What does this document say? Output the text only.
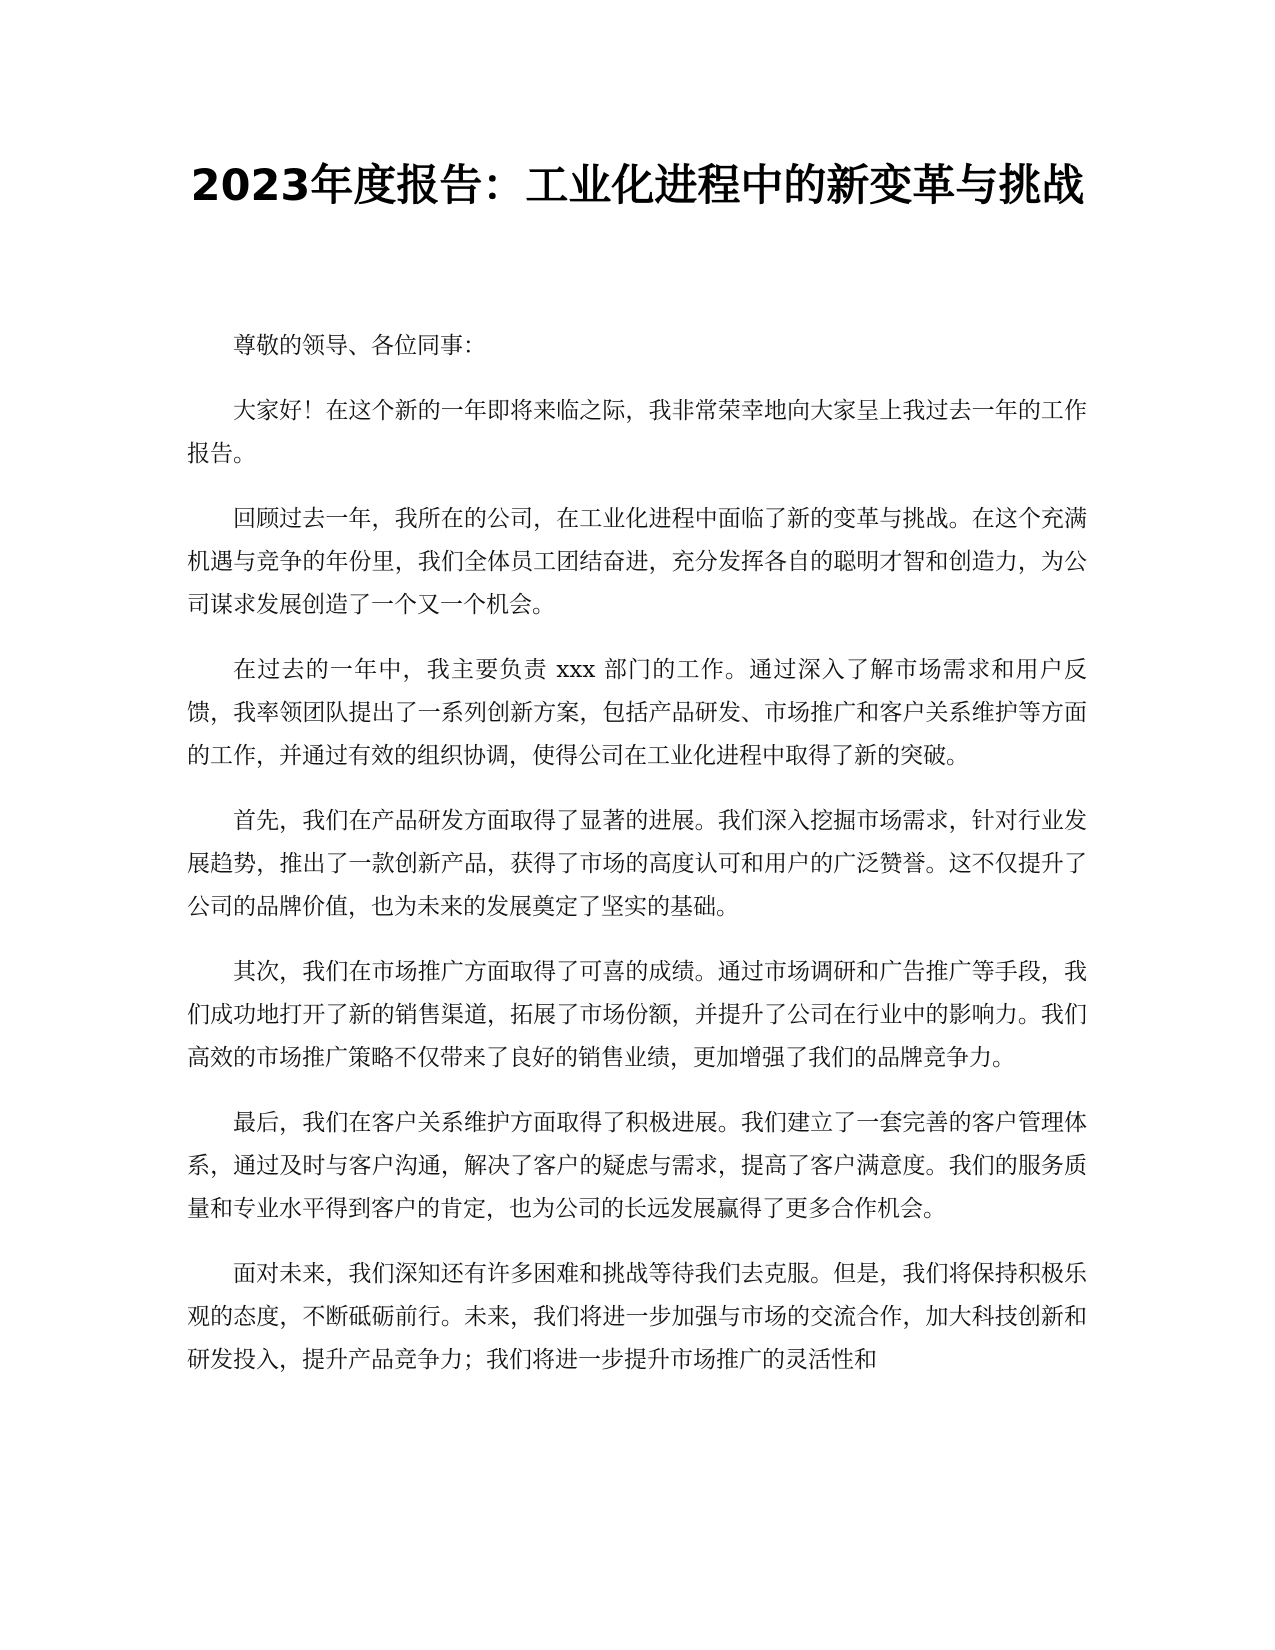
2023年度报告：工业化进程中的新变革与挑战

尊敬的领导、各位同事：

大家好！在这个新的一年即将来临之际，我非常荣幸地向大家呈上我过去一年的工作报告。

回顾过去一年，我所在的公司，在工业化进程中面临了新的变革与挑战。在这个充满机遇与竞争的年份里，我们全体员工团结奋进，充分发挥各自的聪明才智和创造力，为公司谋求发展创造了一个又一个机会。

在过去的一年中，我主要负责 xxx 部门的工作。通过深入了解市场需求和用户反馈，我率领团队提出了一系列创新方案，包括产品研发、市场推广和客户关系维护等方面的工作，并通过有效的组织协调，使得公司在工业化进程中取得了新的突破。

首先，我们在产品研发方面取得了显著的进展。我们深入挖掘市场需求，针对行业发展趋势，推出了一款创新产品，获得了市场的高度认可和用户的广泛赞誉。这不仅提升了公司的品牌价值，也为未来的发展奠定了坚实的基础。

其次，我们在市场推广方面取得了可喜的成绩。通过市场调研和广告推广等手段，我们成功地打开了新的销售渠道，拓展了市场份额，并提升了公司在行业中的影响力。我们高效的市场推广策略不仅带来了良好的销售业绩，更加增强了我们的品牌竞争力。

最后，我们在客户关系维护方面取得了积极进展。我们建立了一套完善的客户管理体系，通过及时与客户沟通，解决了客户的疑虑与需求，提高了客户满意度。我们的服务质量和专业水平得到客户的肯定，也为公司的长远发展赢得了更多合作机会。

面对未来，我们深知还有许多困难和挑战等待我们去克服。但是，我们将保持积极乐观的态度，不断砥砺前行。未来，我们将进一步加强与市场的交流合作，加大科技创新和研发投入，提升产品竞争力；我们将进一步提升市场推广的灵活性和
